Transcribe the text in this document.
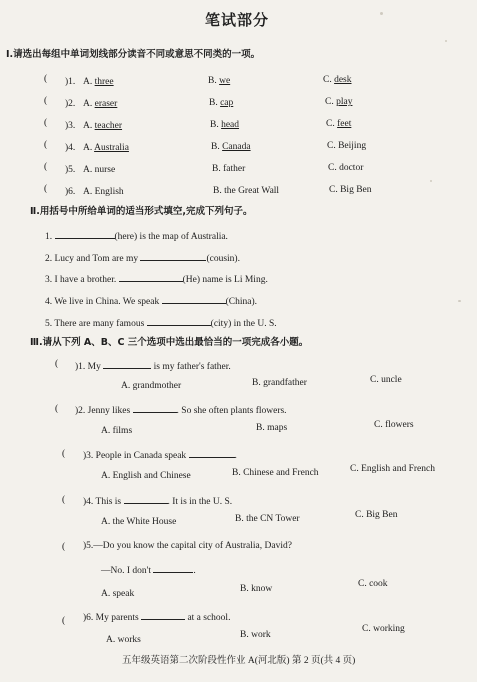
笔试部分
Ⅰ.请选出每组中单词划线部分读音不同或意思不同类的一项。
( )1. A. three	B. we	C. desk
( )2. A. eraser	B. cap	C. play
( )3. A. teacher	B. head	C. feet
( )4. A. Australia	B. Canada	C. Beijing
( )5. A. nurse	B. father	C. doctor
( )6. A. English	B. the Great Wall	C. Big Ben
Ⅱ.用括号中所给单词的适当形式填空,完成下列句子。
1.	(here) is the map of Australia.
2. Lucy and Tom are my	(cousin).
3. I have a brother.	(He) name is Li Ming.
4. We live in China. We speak	(China).
5. There are many famous	(city) in the U. S.
Ⅲ.请从下列 A、B、C 三个选项中选出最恰当的一项完成各小题。
( )1. My	is my father's father.
A. grandmother	B. grandfather	C. uncle
( )2. Jenny likes	. So she often plants flowers.
A. films	B. maps	C. flowers
( )3. People in Canada speak	.
A. English and Chinese	B. Chinese and French	C. English and French
( )4. This is	. It is in the U. S.
A. the White House	B. the CN Tower	C. Big Ben
( )5.—Do you know the capital city of Australia, David?
—No. I don't	.
A. speak	B. know	C. cook
( )6. My parents	at a school.
A. works	B. work
C. working
五年级英语第二次阶段性作业 A(河北版) 第 2 页(共 4 页)
